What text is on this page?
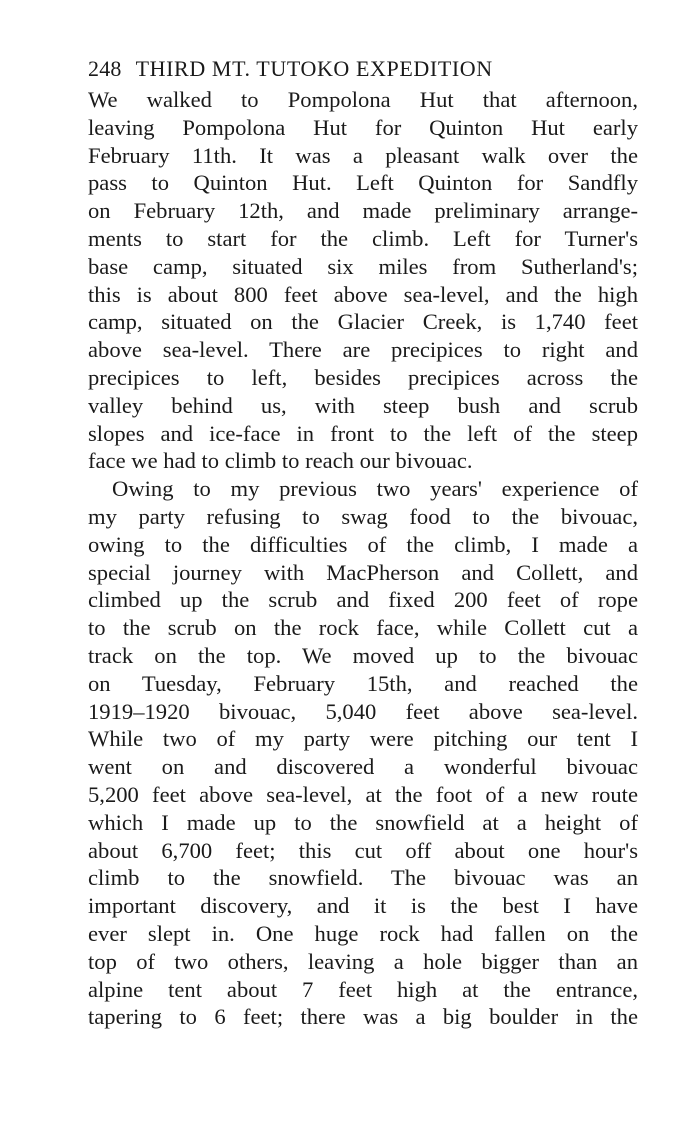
248 THIRD MT. TUTOKO EXPEDITION
We walked to Pompolona Hut that afternoon,
leaving Pompolona Hut for Quinton Hut early
February 11th. It was a pleasant walk over the
pass to Quinton Hut. Left Quinton for Sandfly
on February 12th, and made preliminary arrange-
ments to start for the climb. Left for Turner's
base camp, situated six miles from Sutherland's;
this is about 800 feet above sea-level, and the high
camp, situated on the Glacier Creek, is 1,740 feet
above sea-level. There are precipices to right and
precipices to left, besides precipices across the
valley behind us, with steep bush and scrub
slopes and ice-face in front to the left of the steep
face we had to climb to reach our bivouac.
Owing to my previous two years' experience of
my party refusing to swag food to the bivouac,
owing to the difficulties of the climb, I made a
special journey with MacPherson and Collett, and
climbed up the scrub and fixed 200 feet of rope
to the scrub on the rock face, while Collett cut a
track on the top. We moved up to the bivouac
on Tuesday, February 15th, and reached the
1919–1920 bivouac, 5,040 feet above sea-level.
While two of my party were pitching our tent I
went on and discovered a wonderful bivouac
5,200 feet above sea-level, at the foot of a new route
which I made up to the snowfield at a height of
about 6,700 feet; this cut off about one hour's
climb to the snowfield. The bivouac was an
important discovery, and it is the best I have
ever slept in. One huge rock had fallen on the
top of two others, leaving a hole bigger than an
alpine tent about 7 feet high at the entrance,
tapering to 6 feet; there was a big boulder in the
